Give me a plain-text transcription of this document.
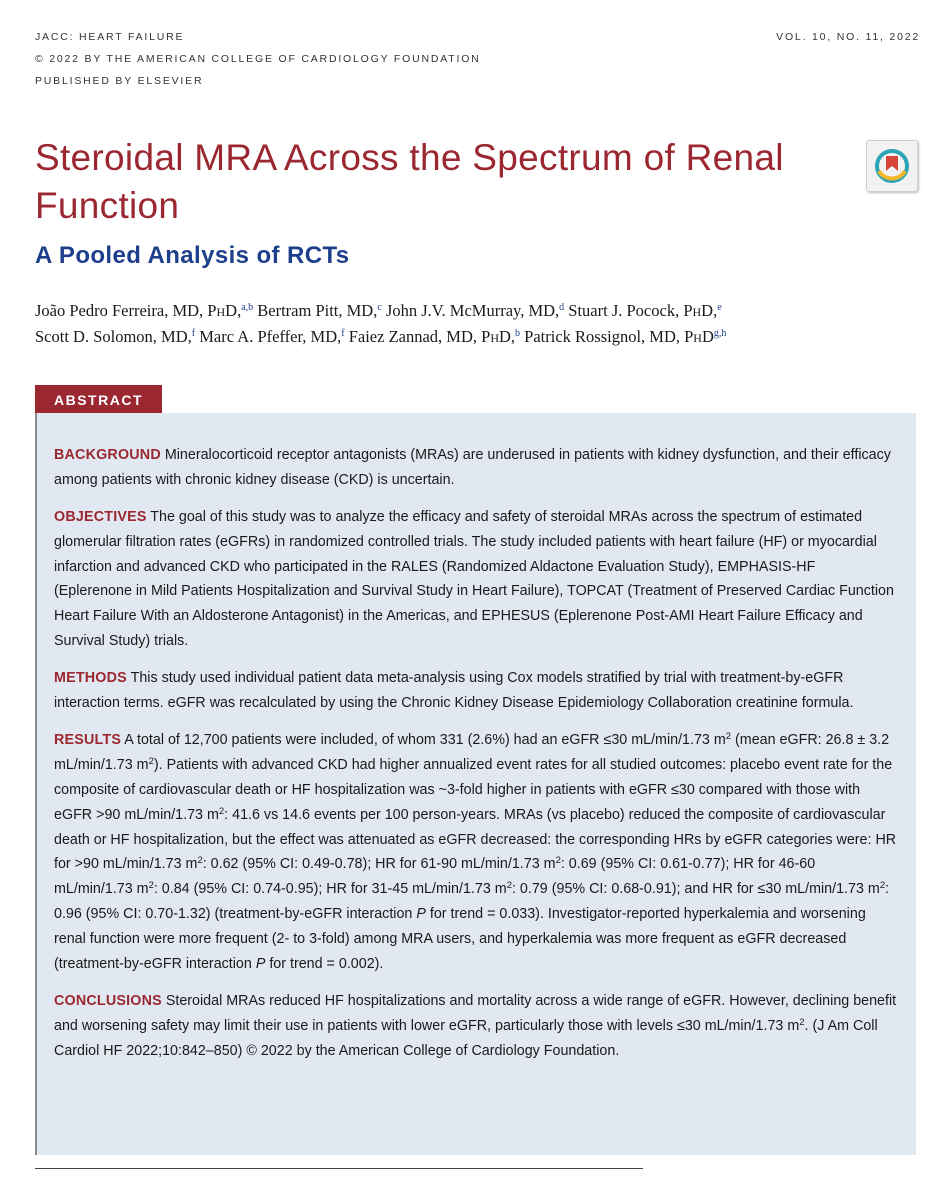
JACC: HEART FAILURE
© 2022 BY THE AMERICAN COLLEGE OF CARDIOLOGY FOUNDATION
PUBLISHED BY ELSEVIER
VOL. 10, NO. 11, 2022
Steroidal MRA Across the Spectrum of Renal Function
A Pooled Analysis of RCTs
João Pedro Ferreira, MD, PhD,$^{a,b}$ Bertram Pitt, MD,$^c$ John J.V. McMurray, MD,$^d$ Stuart J. Pocock, PhD,$^e$
Scott D. Solomon, MD,$^f$ Marc A. Pfeffer, MD,$^f$ Faiez Zannad, MD, PhD,$^b$ Patrick Rossignol, MD, PhD$^{g,h}$
ABSTRACT

BACKGROUND Mineralocorticoid receptor antagonists (MRAs) are underused in patients with kidney dysfunction, and their efficacy among patients with chronic kidney disease (CKD) is uncertain.

OBJECTIVES The goal of this study was to analyze the efficacy and safety of steroidal MRAs across the spectrum of estimated glomerular filtration rates (eGFRs) in randomized controlled trials. The study included patients with heart failure (HF) or myocardial infarction and advanced CKD who participated in the RALES (Randomized Aldactone Evaluation Study), EMPHASIS-HF (Eplerenone in Mild Patients Hospitalization and Survival Study in Heart Failure), TOPCAT (Treatment of Preserved Cardiac Function Heart Failure With an Aldosterone Antagonist) in the Americas, and EPHESUS (Eplerenone Post-AMI Heart Failure Efficacy and Survival Study) trials.

METHODS This study used individual patient data meta-analysis using Cox models stratified by trial with treatment-by-eGFR interaction terms. eGFR was recalculated by using the Chronic Kidney Disease Epidemiology Collaboration creatinine formula.

RESULTS A total of 12,700 patients were included, of whom 331 (2.6%) had an eGFR ≤30 mL/min/1.73 $m^2$ (mean eGFR: 26.8 ± 3.2 mL/min/1.73 $m^2$). Patients with advanced CKD had higher annualized event rates for all studied outcomes: placebo event rate for the composite of cardiovascular death or HF hospitalization was ~3-fold higher in patients with eGFR ≤30 compared with those with eGFR >90 mL/min/1.73 $m^2$: 41.6 vs 14.6 events per 100 person-years. MRAs (vs placebo) reduced the composite of cardiovascular death or HF hospitalization, but the effect was attenuated as eGFR decreased: the corresponding HRs by eGFR categories were: HR for >90 mL/min/1.73 $m^2$: 0.62 (95% CI: 0.49-0.78); HR for 61-90 mL/min/1.73 $m^2$: 0.69 (95% CI: 0.61-0.77); HR for 46-60 mL/min/1.73 $m^2$: 0.84 (95% CI: 0.74-0.95); HR for 31-45 mL/min/1.73 $m^2$: 0.79 (95% CI: 0.68-0.91); and HR for ≤30 mL/min/1.73 $m^2$: 0.96 (95% CI: 0.70-1.32) (treatment-by-eGFR interaction P for trend = 0.033). Investigator-reported hyperkalemia and worsening renal function were more frequent (2- to 3-fold) among MRA users, and hyperkalemia was more frequent as eGFR decreased (treatment-by-eGFR interaction P for trend = 0.002).

CONCLUSIONS Steroidal MRAs reduced HF hospitalizations and mortality across a wide range of eGFR. However, declining benefit and worsening safety may limit their use in patients with lower eGFR, particularly those with levels ≤30 mL/min/1.73 $m^2$. (J Am Coll Cardiol HF 2022;10:842–850) © 2022 by the American College of Cardiology Foundation.
